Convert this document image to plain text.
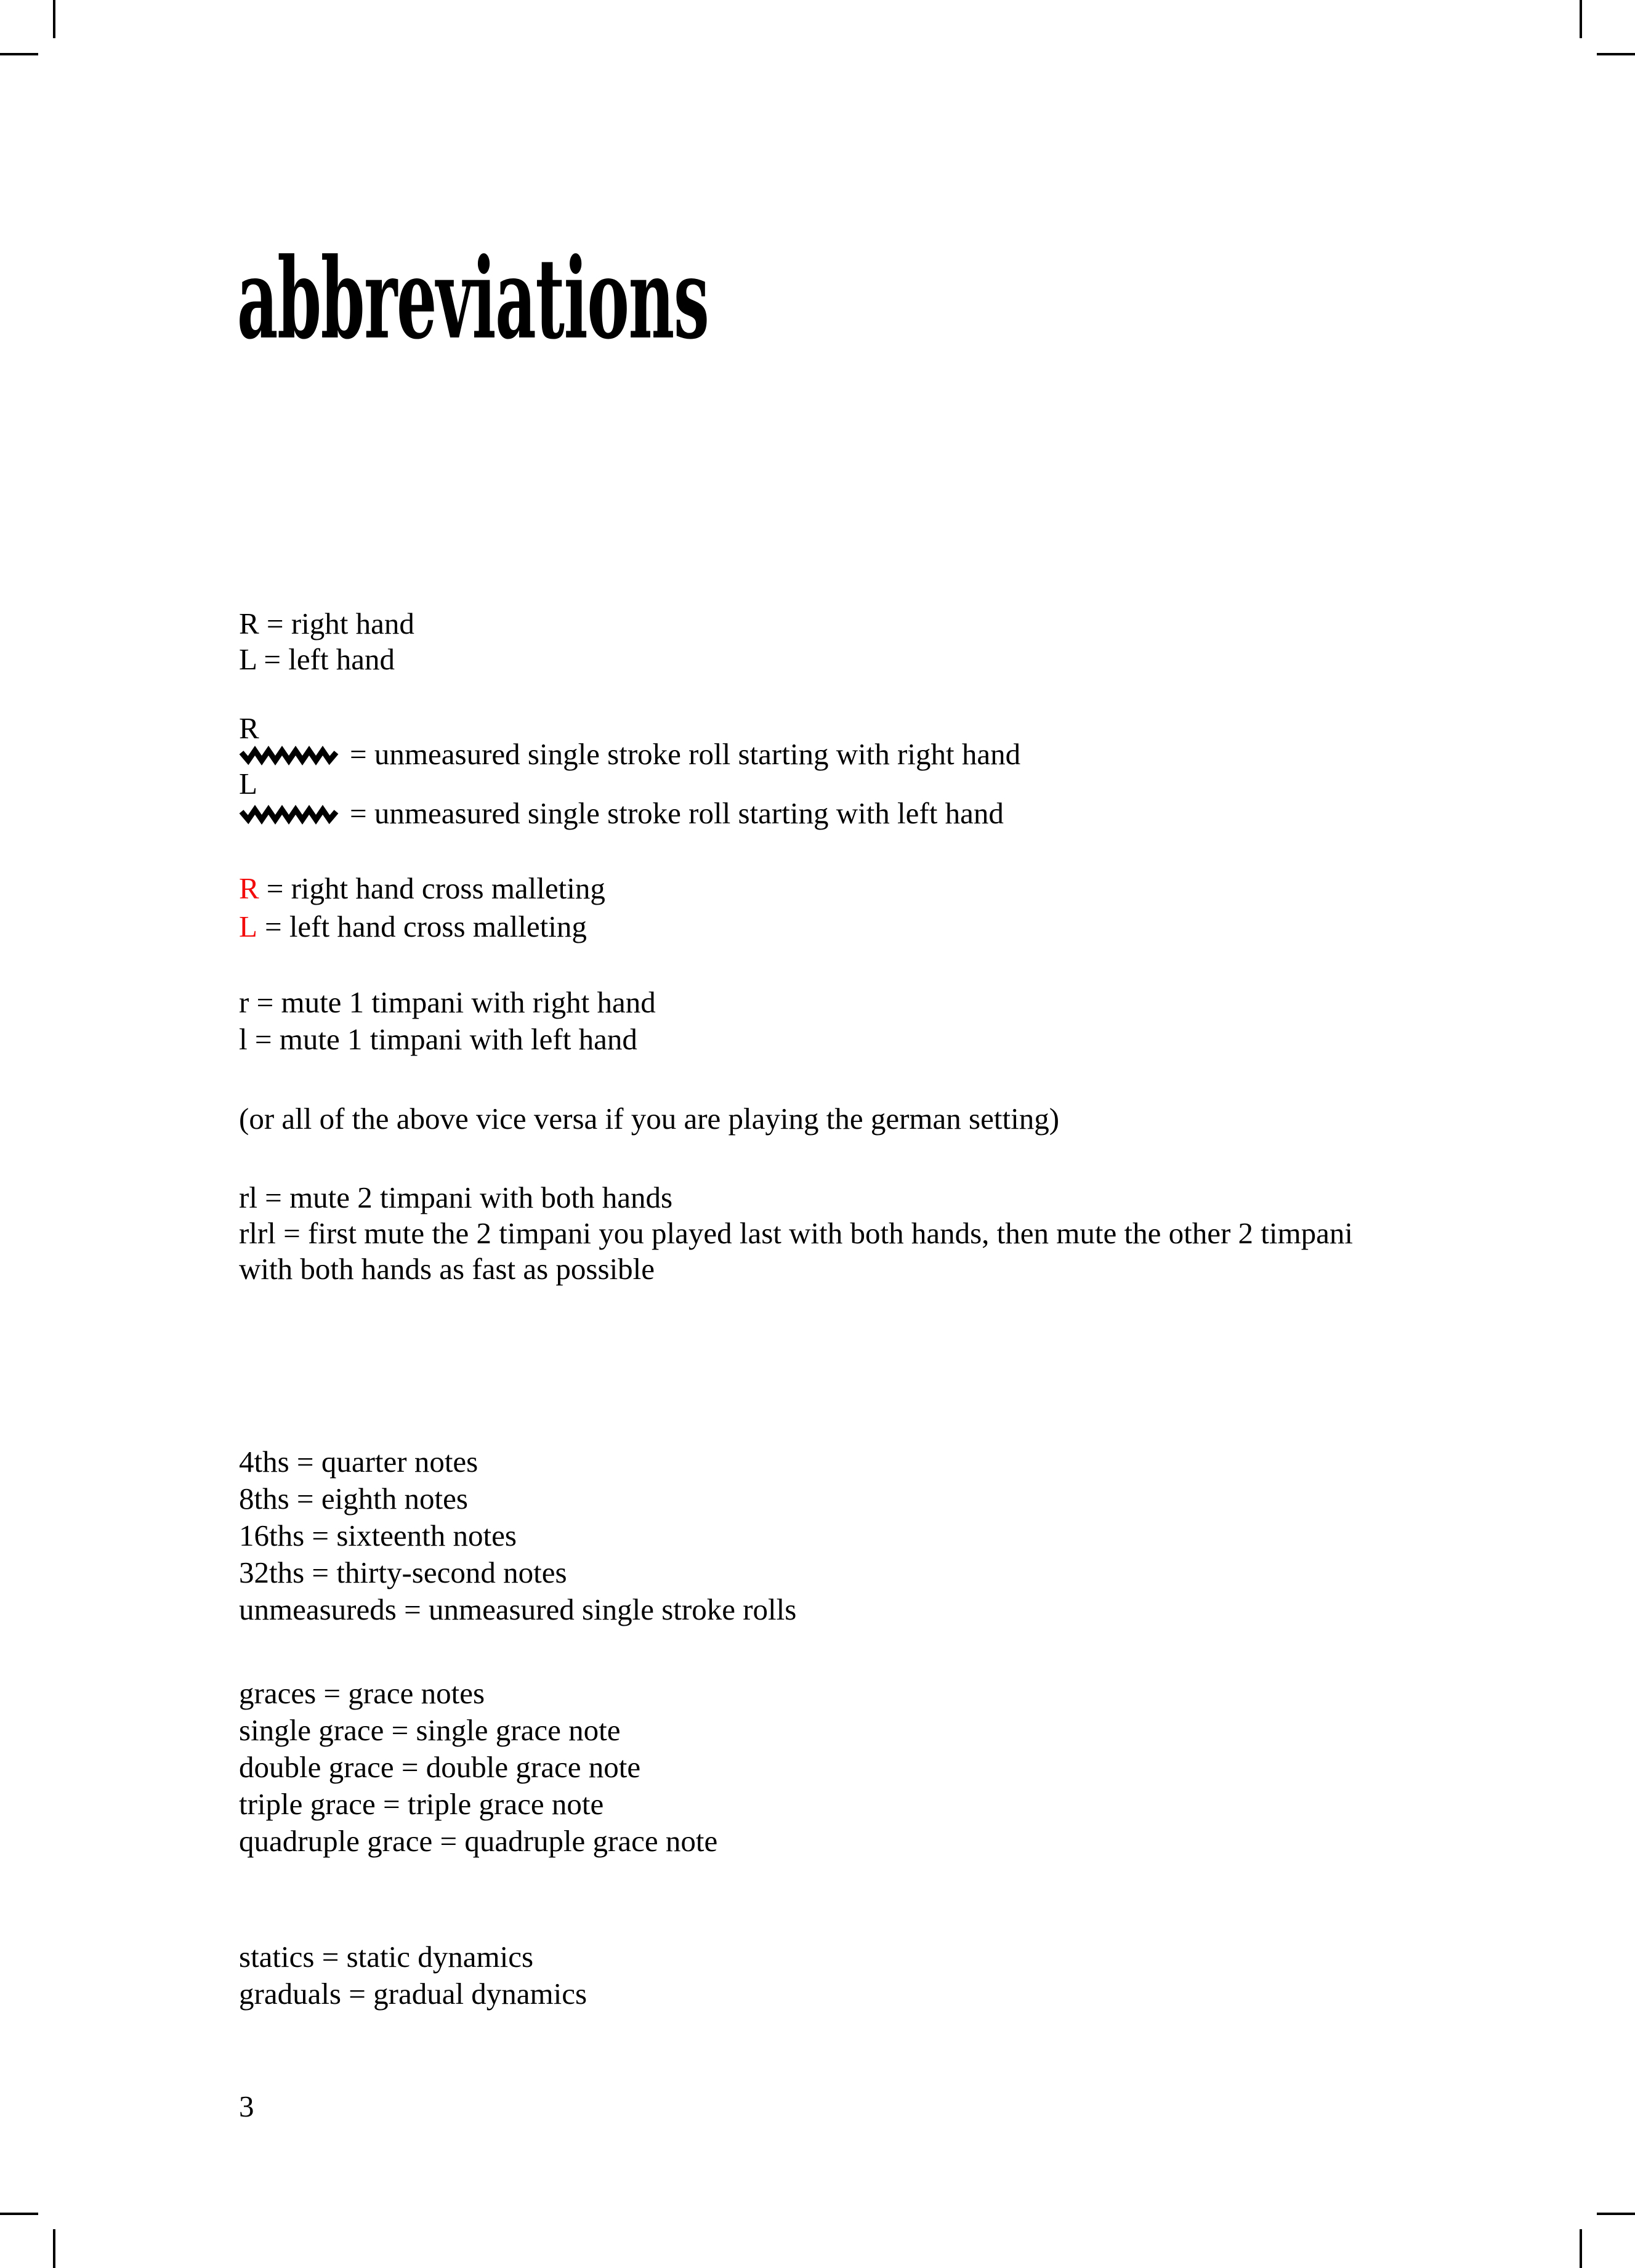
abbreviations
R = right hand
L = left hand
R
= unmeasured single stroke roll starting with right hand
L
= unmeasured single stroke roll starting with left hand
R = right hand cross malleting
L = left hand cross malleting
r = mute 1 timpani with right hand
l = mute 1 timpani with left hand
(or all of the above vice versa if you are playing the german setting)
rl = mute 2 timpani with both hands
rlrl = first mute the 2 timpani you played last with both hands, then mute the other 2 timpani
with both hands as fast as possible
4ths = quarter notes
8ths = eighth notes
16ths = sixteenth notes
32ths = thirty-second notes
unmeasureds = unmeasured single stroke rolls
graces = grace notes
single grace = single grace note
double grace = double grace note
triple grace = triple grace note
quadruple grace = quadruple grace note
statics = static dynamics
graduals = gradual dynamics
3
